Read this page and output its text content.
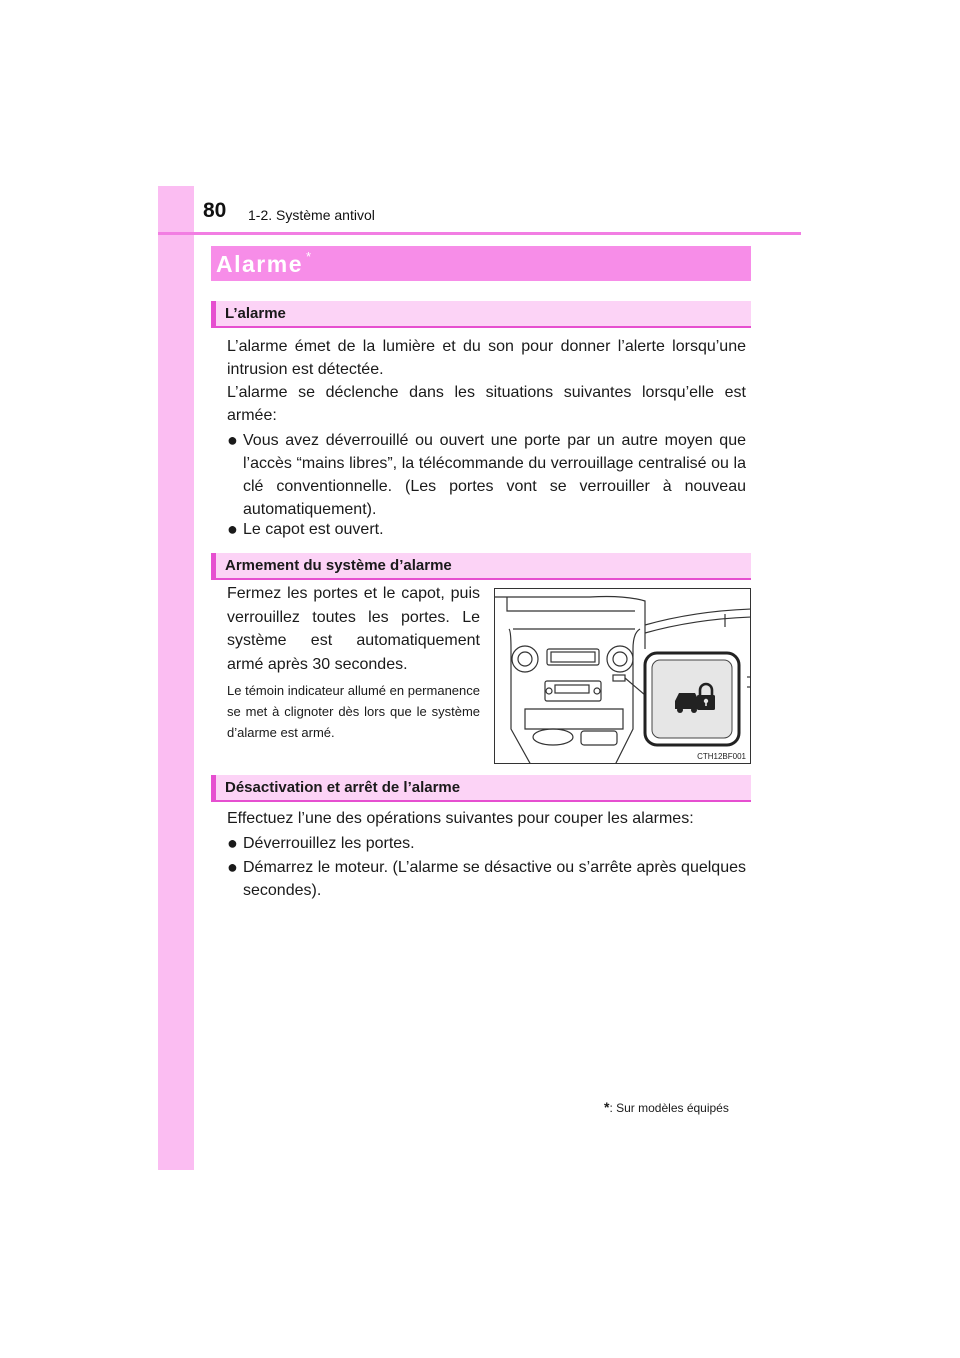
80 1-2. Système antivol
Alarme *
L’alarme

L’alarme émet de la lumière et du son pour donner l’alerte lorsqu’une intrusion est détectée.

L’alarme se déclenche dans les situations suivantes lorsqu’elle est armée:

● Vous avez déverrouillé ou ouvert une porte par un autre moyen que l’accès “mains libres”, la télécommande du verrouillage centralisé ou la clé conventionnelle. (Les portes vont se verrouiller à nouveau automatiquement).
● Le capot est ouvert.
Armement du système d’alarme

Fermez les portes et le capot, puis verrouillez toutes les portes. Le système est automatiquement armé après 30 secondes.

Le témoin indicateur allumé en permanence se met à clignoter dès lors que le système d’alarme est armé.

CTH12BF001
Désactivation et arrêt de l’alarme

Effectuez l’une des opérations suivantes pour couper les alarmes:

● Déverrouillez les portes.
● Démarrez le moteur. (L’alarme se désactive ou s’arrête après quelques secondes).
*: Sur modèles équipés
